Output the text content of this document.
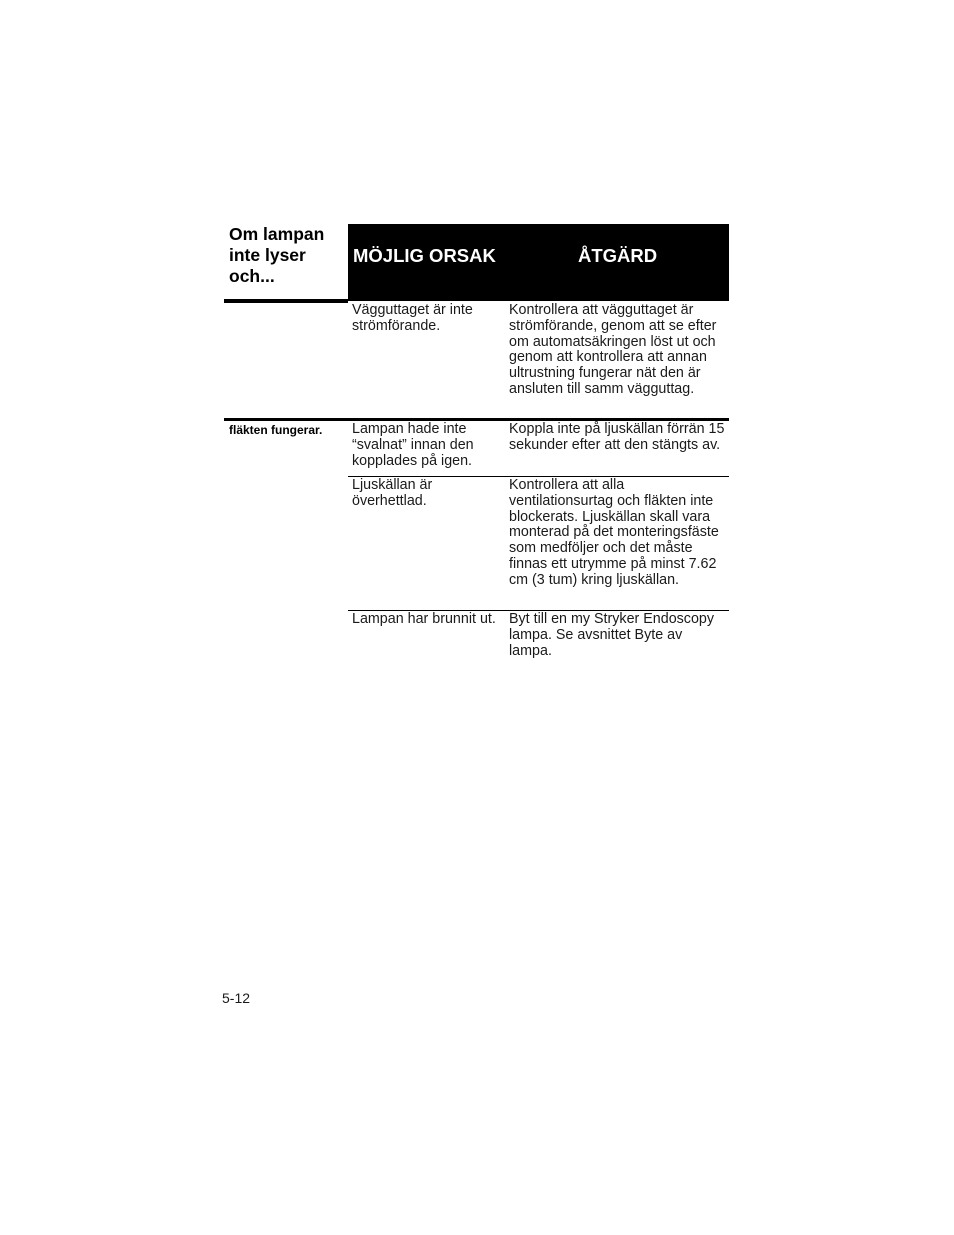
Om lampan inte lyser och...
MÖJLIG ORSAK	ÅTGÄRD
Vägguttaget är inte strömförande.
Kontrollera att vägguttaget är strömförande, genom att se efter om automatsäkringen löst ut och genom att kontrollera att annan ultrustning fungerar nät den är ansluten till samm vägguttag.
fläkten fungerar. Lampan hade inte “svalnat” innan den kopplades på igen.
Koppla inte på ljuskällan förrän 15 sekunder efter att den stängts av.
Ljuskällan är överhettlad.
Kontrollera att alla ventilationsurtag och fläkten inte blockerats. Ljuskällan skall vara monterad på det monteringsfäste som medföljer och det måste finnas ett utrymme på minst 7.62 cm (3 tum) kring ljuskällan.
Lampan har brunnit ut. Byt till en my Stryker Endoscopy lampa. Se avsnittet Byte av lampa.
5-12
